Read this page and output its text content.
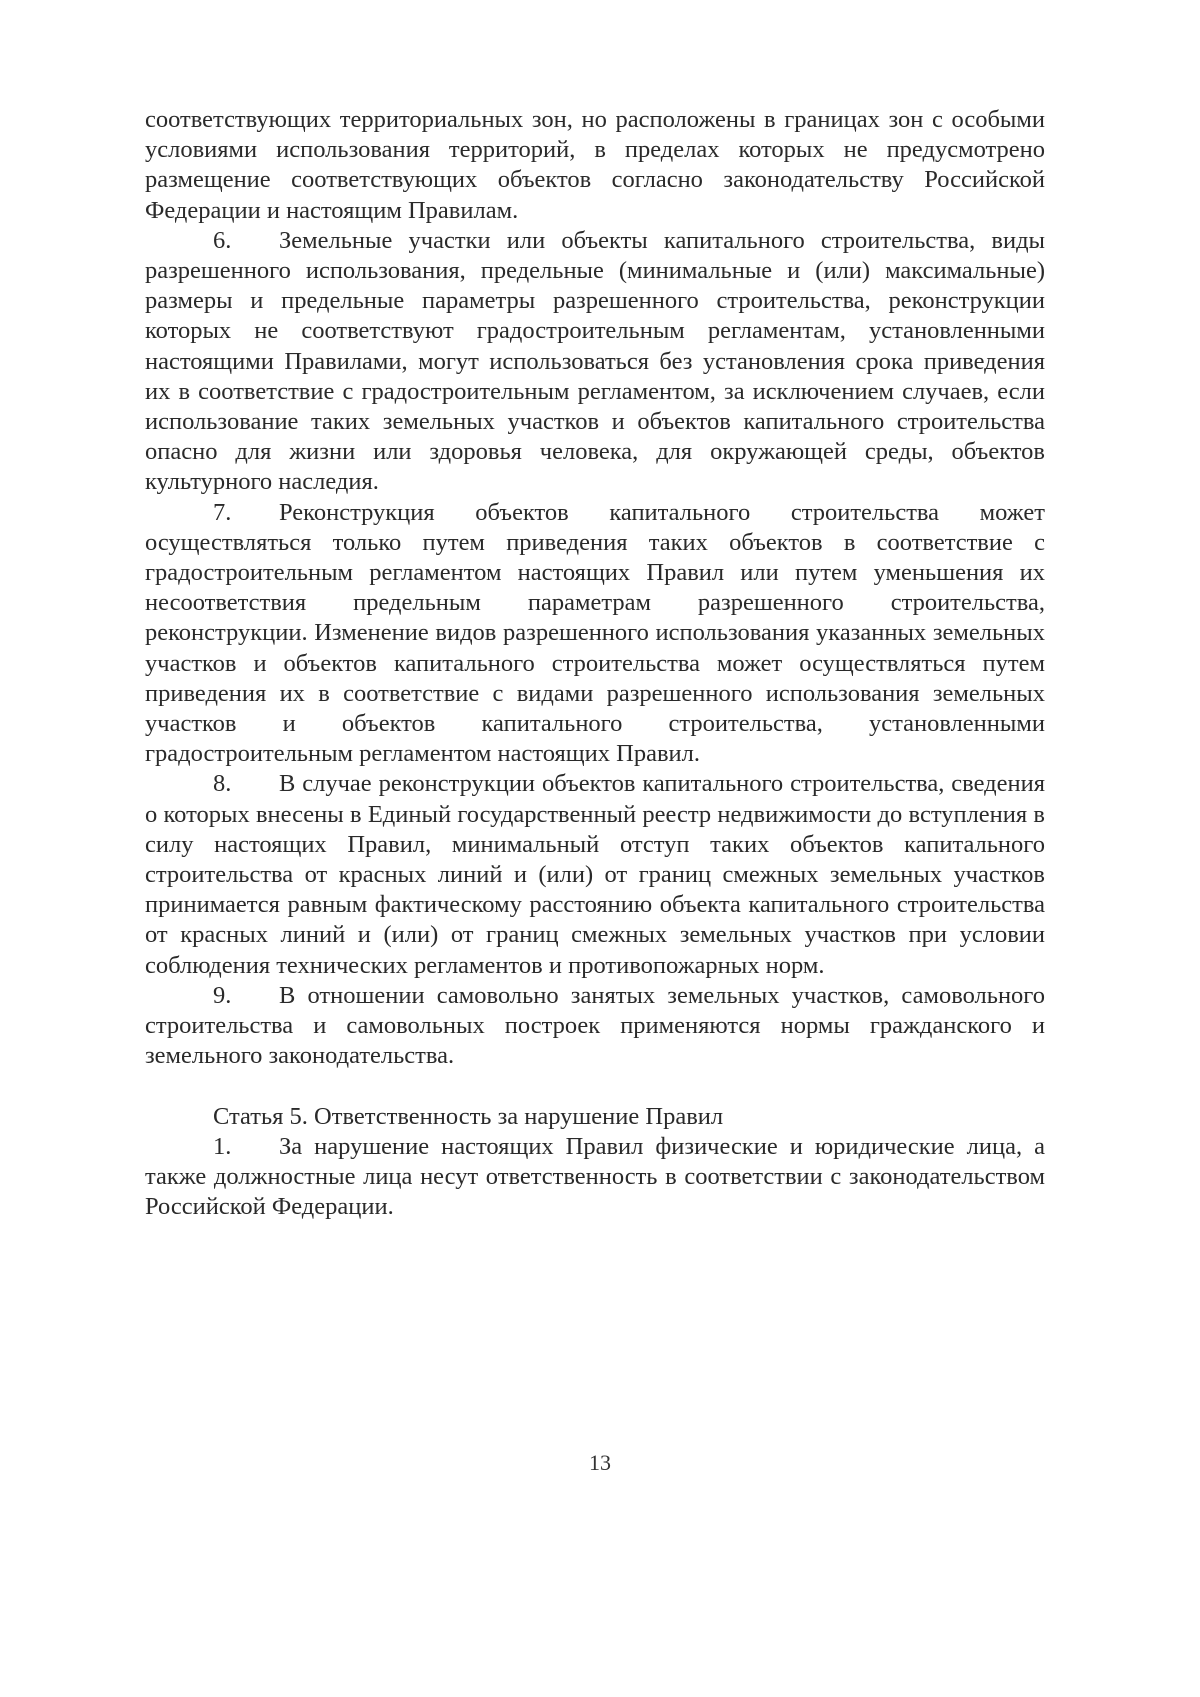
соответствующих территориальных зон, но расположены в границах зон с особыми условиями использования территорий, в пределах которых не предусмотрено размещение соответствующих объектов согласно законодательству Российской Федерации и настоящим Правилам.

6. Земельные участки или объекты капитального строительства, виды разрешенного использования, предельные (минимальные и (или) максимальные) размеры и предельные параметры разрешенного строительства, реконструкции которых не соответствуют градостроительным регламентам, установленными настоящими Правилами, могут использоваться без установления срока приведения их в соответствие с градостроительным регламентом, за исключением случаев, если использование таких земельных участков и объектов капитального строительства опасно для жизни или здоровья человека, для окружающей среды, объектов культурного наследия.

7. Реконструкция объектов капитального строительства может осуществляться только путем приведения таких объектов в соответствие с градостроительным регламентом настоящих Правил или путем уменьшения их несоответствия предельным параметрам разрешенного строительства, реконструкции. Изменение видов разрешенного использования указанных земельных участков и объектов капитального строительства может осуществляться путем приведения их в соответствие с видами разрешенного использования земельных участков и объектов капитального строительства, установленными градостроительным регламентом настоящих Правил.

8. В случае реконструкции объектов капитального строительства, сведения о которых внесены в Единый государственный реестр недвижимости до вступления в силу настоящих Правил, минимальный отступ таких объектов капитального строительства от красных линий и (или) от границ смежных земельных участков принимается равным фактическому расстоянию объекта капитального строительства от красных линий и (или) от границ смежных земельных участков при условии соблюдения технических регламентов и противопожарных норм.

9. В отношении самовольно занятых земельных участков, самовольного строительства и самовольных построек применяются нормы гражданского и земельного законодательства.

Статья 5. Ответственность за нарушение Правил

1. За нарушение настоящих Правил физические и юридические лица, а также должностные лица несут ответственность в соответствии с законодательством Российской Федерации.

13
